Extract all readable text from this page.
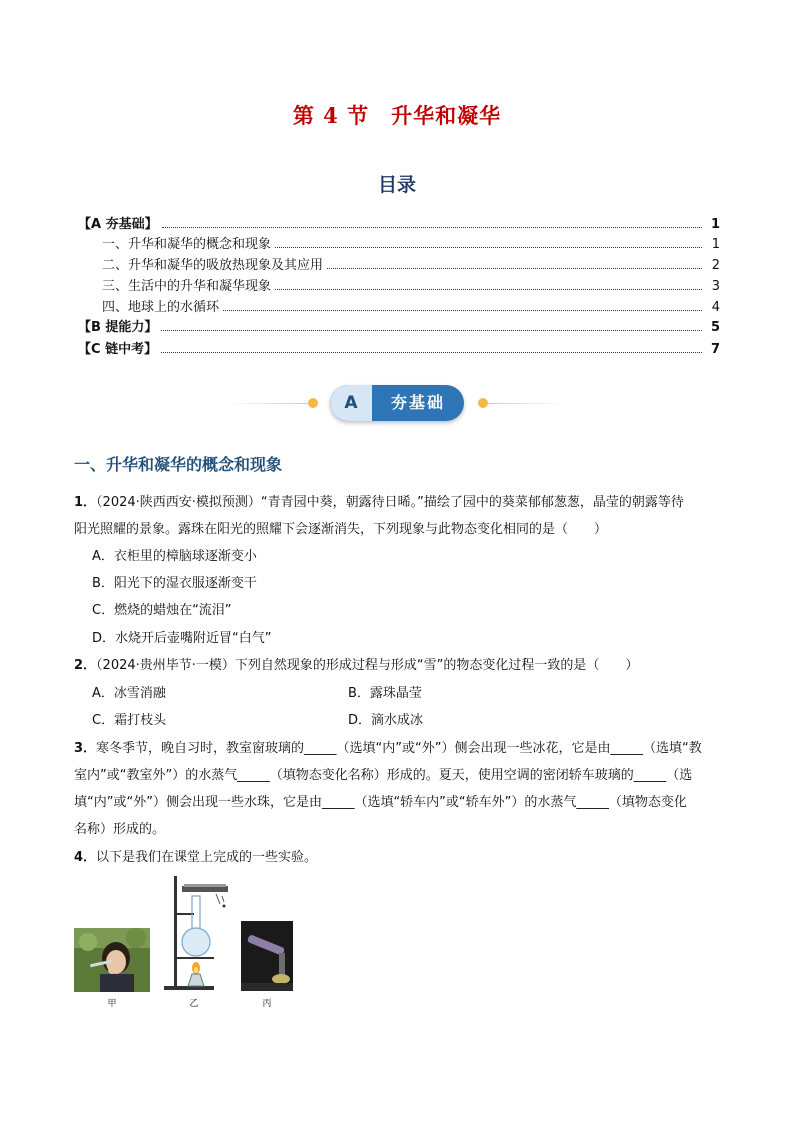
第 4 节　升华和凝华
目录
【A 夯基础】	1
一、升华和凝华的概念和现象	1
二、升华和凝华的吸放热现象及其应用	2
三、生活中的升华和凝华现象	3
四、地球上的水循环	4
【B 提能力】	5
【C 链中考】	7
A	夯基础
一、升华和凝华的概念和现象
1．（2024·陕西西安·模拟预测）“青青园中葵，朝露待日晞。”描绘了园中的葵菜郁郁葱葱，晶莹的朝露等待
阳光照耀的景象。露珠在阳光的照耀下会逐渐消失，下列现象与此物态变化相同的是（　　）
A．衣柜里的樟脑球逐渐变小
B．阳光下的湿衣服逐渐变干
C．燃烧的蜡烛在“流泪”
D．水烧开后壶嘴附近冒“白气”
2．（2024·贵州毕节·一模）下列自然现象的形成过程与形成“雪”的物态变化过程一致的是（　　）
A．冰雪消融	B．露珠晶莹
C．霜打枝头	D．滴水成冰
3．寒冬季节，晚自习时，教室窗玻璃的_____（选填“内”或“外”）侧会出现一些冰花，它是由_____（选填“教
室内”或“教室外”）的水蒸气_____（填物态变化名称）形成的。夏天，使用空调的密闭轿车玻璃的_____（选
填“内”或“外”）侧会出现一些水珠，它是由_____（选填“轿车内”或“轿车外”）的水蒸气_____（填物态变化
名称）形成的。
4．以下是我们在课堂上完成的一些实验。
甲	乙	丙
